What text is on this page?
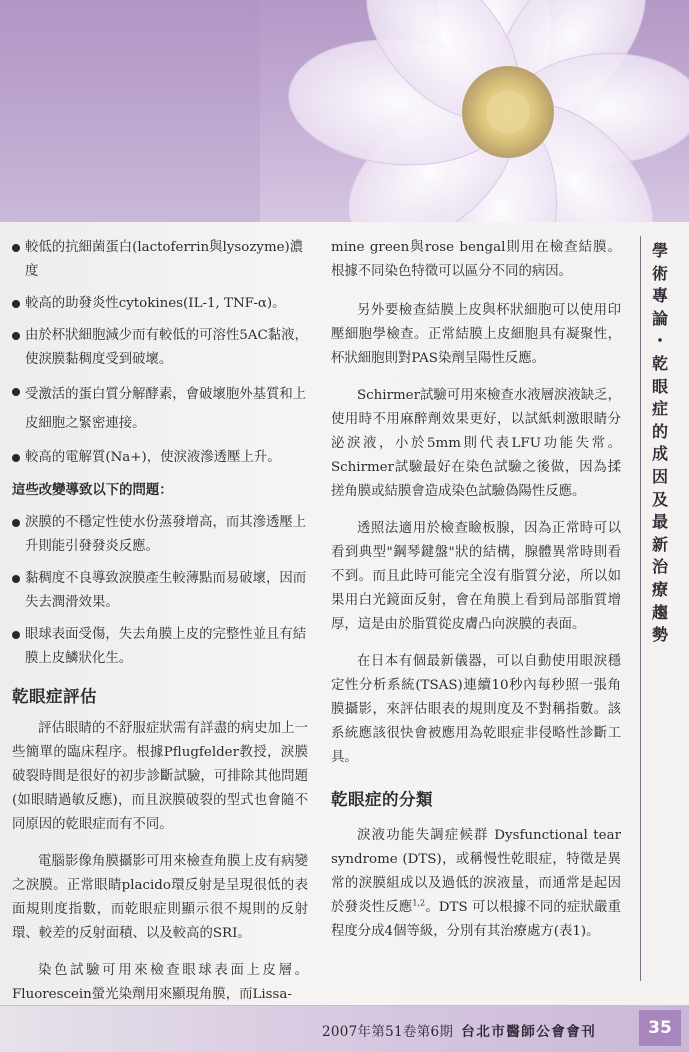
較低的抗細菌蛋白(lactoferrin與lysozyme)濃度

較高的助發炎性cytokines(IL-1, TNF-α)。

由於杯狀細胞減少而有較低的可溶性5AC黏液，使淚膜黏稠度受到破壞。

受激活的蛋白質分解酵素，會破壞胞外基質和上皮細胞之緊密連接。

較高的電解質(Na+)，使淚液滲透壓上升。

這些改變導致以下的問題：

淚膜的不穩定性使水份蒸發增高，而其滲透壓上升則能引發發炎反應。

黏稠度不良導致淚膜產生較薄點而易破壞，因而失去潤滑效果。

眼球表面受傷，失去角膜上皮的完整性並且有結膜上皮鱗狀化生。

乾眼症評估

評估眼睛的不舒服症狀需有詳盡的病史加上一些簡單的臨床程序。根據Pflugfelder教授，淚膜破裂時間是很好的初步診斷試驗，可排除其他問題(如眼睛過敏反應)，而且淚膜破裂的型式也會隨不同原因的乾眼症而有不同。

電腦影像角膜攝影可用來檢查角膜上皮有病變之淚膜。正常眼睛placido環反射是呈現很低的表面規則度指數，而乾眼症則顯示很不規則的反射環、較差的反射面積、以及較高的SRI。

染色試驗可用來檢查眼球表面上皮層。Fluorescein螢光染劑用來顯現角膜，而Lissa-

mine green與rose bengal則用在檢查結膜。根據不同染色特徵可以區分不同的病因。

另外要檢查結膜上皮與杯狀細胞可以使用印壓細胞學檢查。正常結膜上皮細胞具有凝聚性，杯狀細胞則對PAS染劑呈陽性反應。

Schirmer試驗可用來檢查水液層淚液缺乏，使用時不用麻醉劑效果更好，以試紙刺激眼睛分泌淚液，小於5mm則代表LFU功能失常。Schirmer試驗最好在染色試驗之後做，因為揉搓角膜或結膜會造成染色試驗偽陽性反應。

透照法適用於檢查瞼板腺，因為正常時可以看到典型"鋼琴鍵盤"狀的結構，腺體異常時則看不到。而且此時可能完全沒有脂質分泌，所以如果用白光鏡面反射，會在角膜上看到局部脂質增厚，這是由於脂質從皮膚凸向淚膜的表面。

在日本有個最新儀器，可以自動使用眼淚穩定性分析系統(TSAS)連續10秒內每秒照一張角膜攝影，來評估眼表的規則度及不對稱指數。該系統應該很快會被應用為乾眼症非侵略性診斷工具。

乾眼症的分類

淚液功能失調症候群 Dysfunctional tear syndrome (DTS)，或稱慢性乾眼症，特徵是異常的淚膜組成以及過低的淚液量，而通常是起因於發炎性反應$^{1,2}$。DTS 可以根據不同的症狀嚴重程度分成4個等級，分別有其治療處方(表1)。

學
術
專
論
・
乾
眼
症
的
成
因
及
最
新
治
療
趨
勢
2007年第51卷第6期 台北市醫師公會會刊	35
